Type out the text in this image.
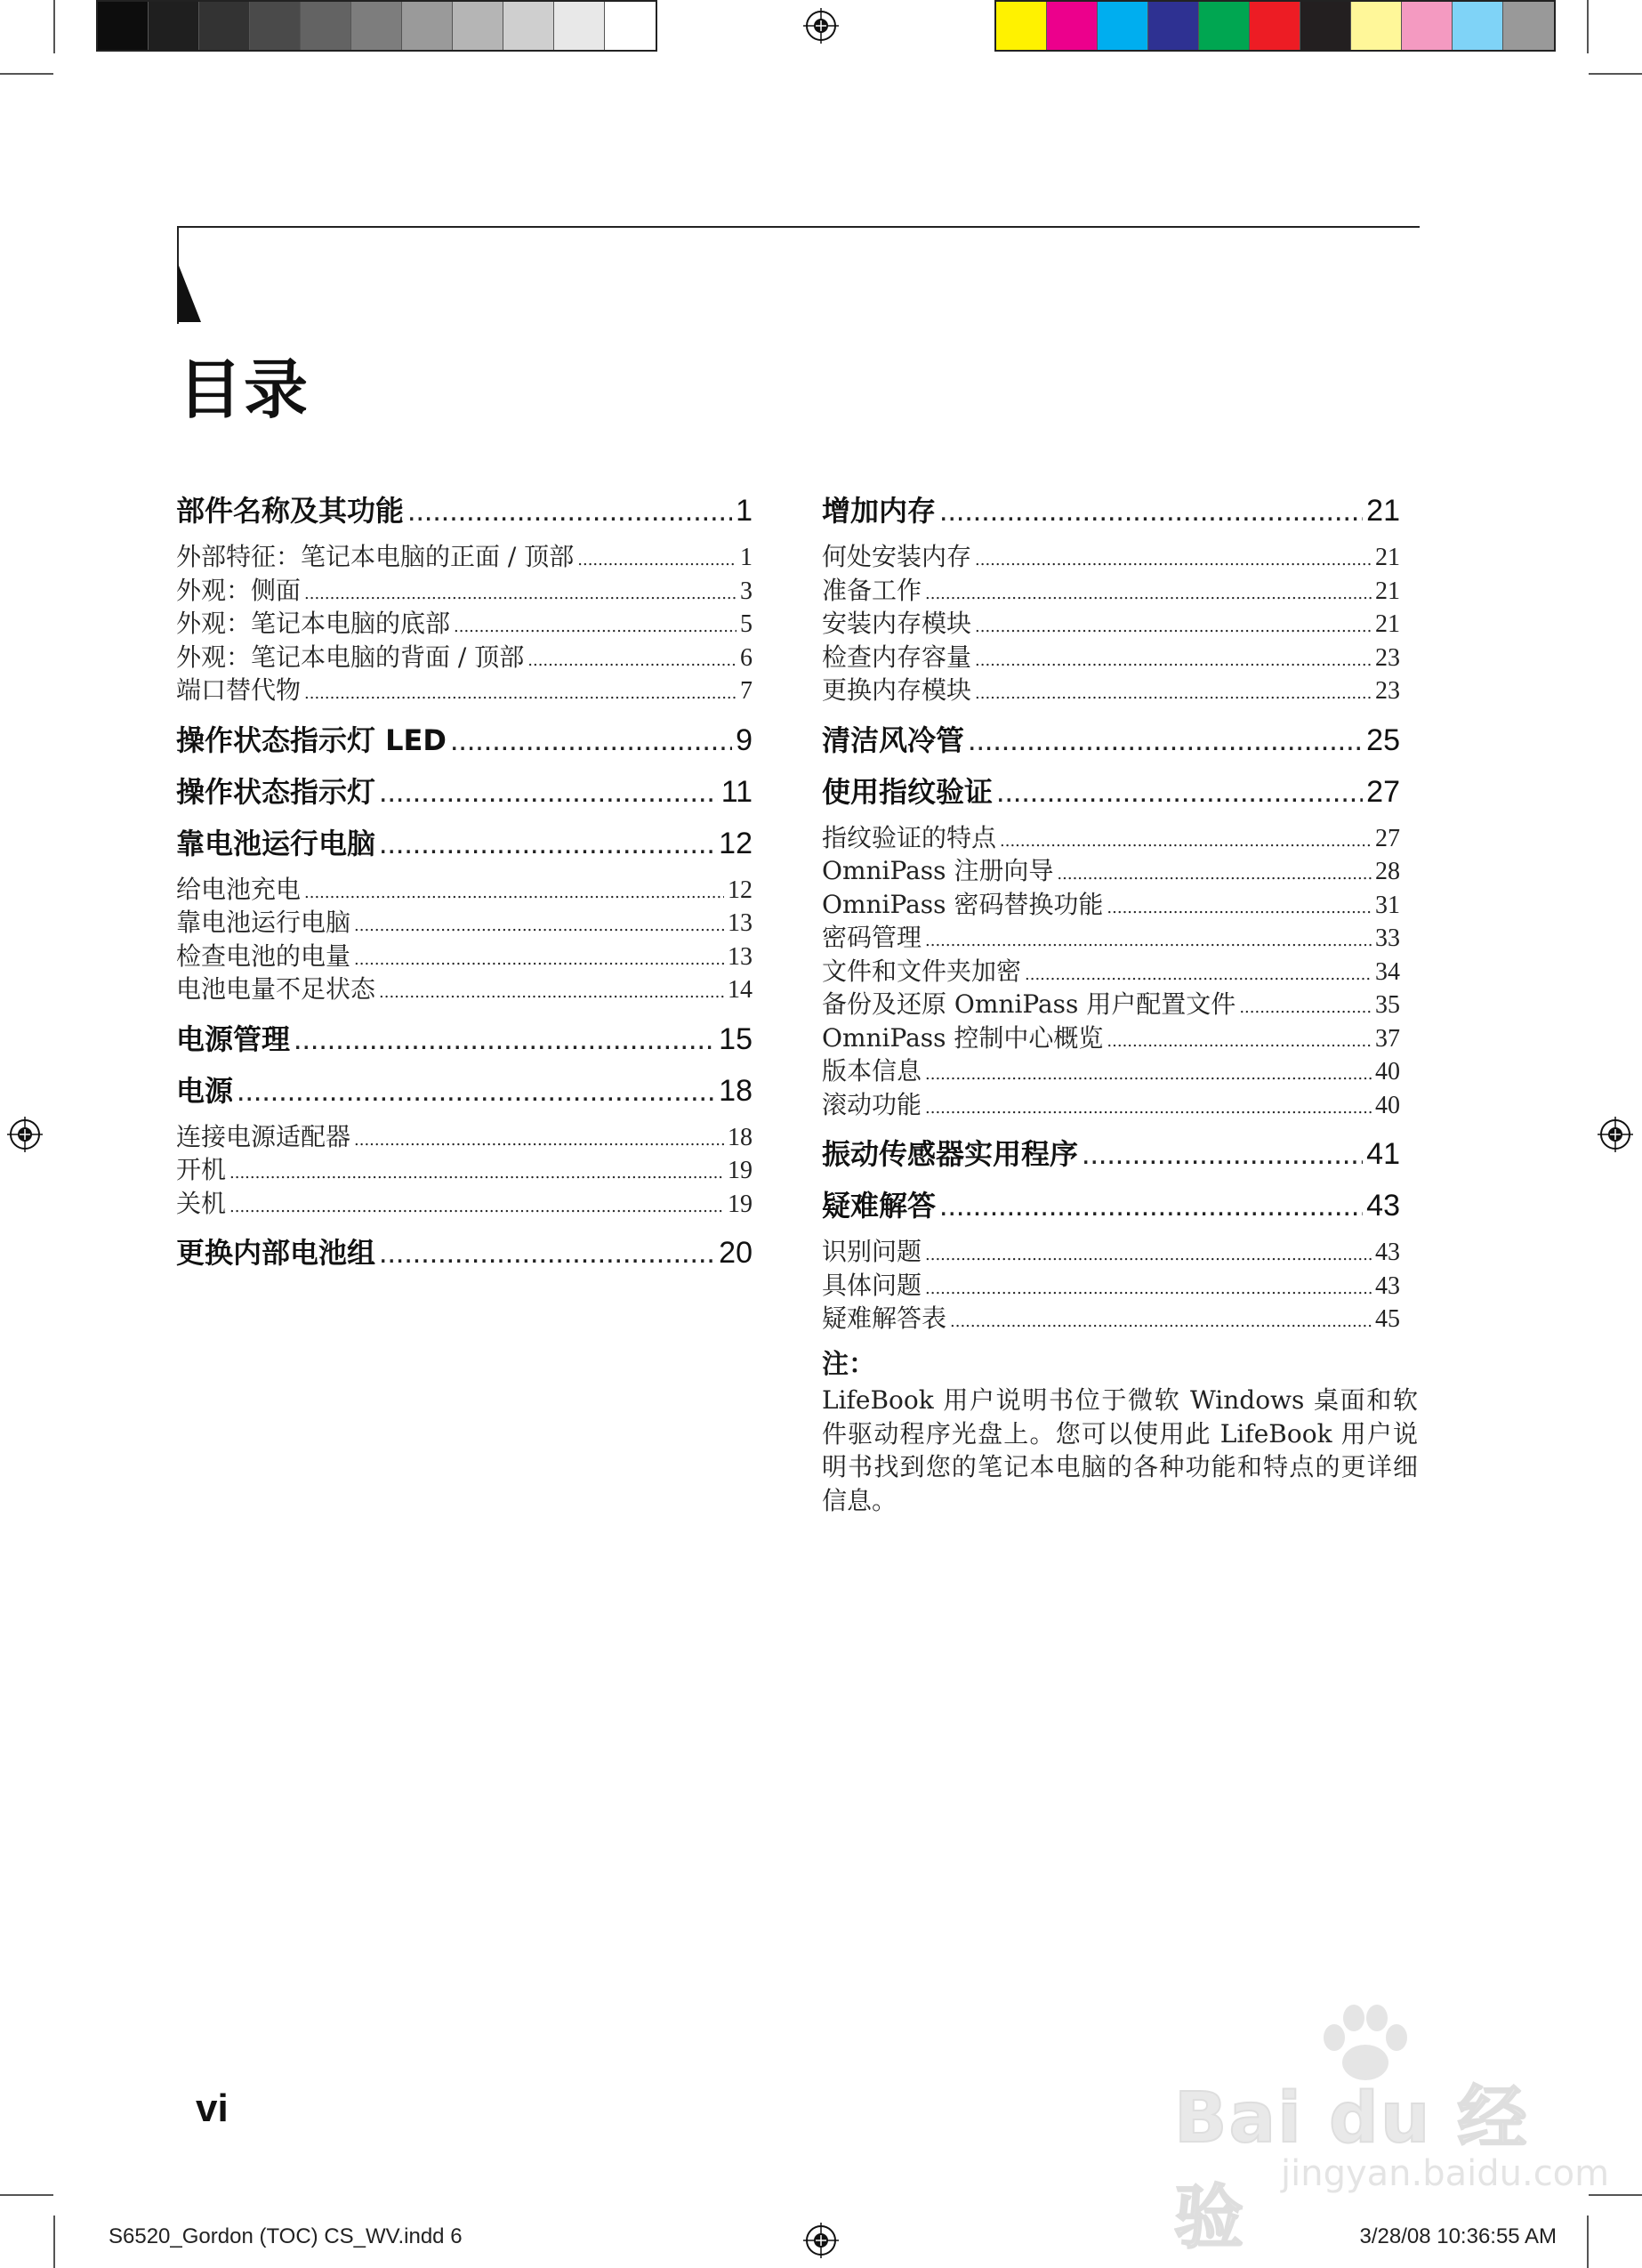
目录
部件名称及其功能 .....	1
外部特征：笔记本电脑的正面 / 顶部 .....	1
外观：侧面 .....	3
外观：笔记本电脑的底部 .....	5
外观：笔记本电脑的背面 / 顶部 .....	6
端口替代物 .....	7
操作状态指示灯 LED .....	9
操作状态指示灯 .....	11
靠电池运行电脑 .....	12
给电池充电 .....	12
靠电池运行电脑 .....	13
检查电池的电量 .....	13
电池电量不足状态 .....	14
电源管理 .....	15
电源 .....	18
连接电源适配器 .....	18
开机 .....	19
关机 .....	19
更换内部电池组 .....	20
增加内存 .....	21
何处安装内存 .....	21
准备工作 .....	21
安装内存模块 .....	21
检查内存容量 .....	23
更换内存模块 .....	23
清洁风冷管 .....	25
使用指纹验证 .....	27
指纹验证的特点 .....	27
OmniPass 注册向导 .....	28
OmniPass 密码替换功能 .....	31
密码管理 .....	33
文件和文件夹加密 .....	34
备份及还原 OmniPass 用户配置文件 .....	35
OmniPass 控制中心概览 .....	37
版本信息 .....	40
滚动功能 .....	40
振动传感器实用程序 .....	41
疑难解答 .....	43
识别问题 .....	43
具体问题 .....	43
疑难解答表 .....	45
注：
LifeBook 用户说明书位于微软 Windows 桌面和软件驱动程序光盘上。您可以使用此 LifeBook 用户说明书找到您的笔记本电脑的各种功能和特点的更详细信息。
vi
S6520_Gordon (TOC) CS_WV.indd 6	3/28/08 10:36:55 AM
Bai du 经验
jingyan.baidu.com
